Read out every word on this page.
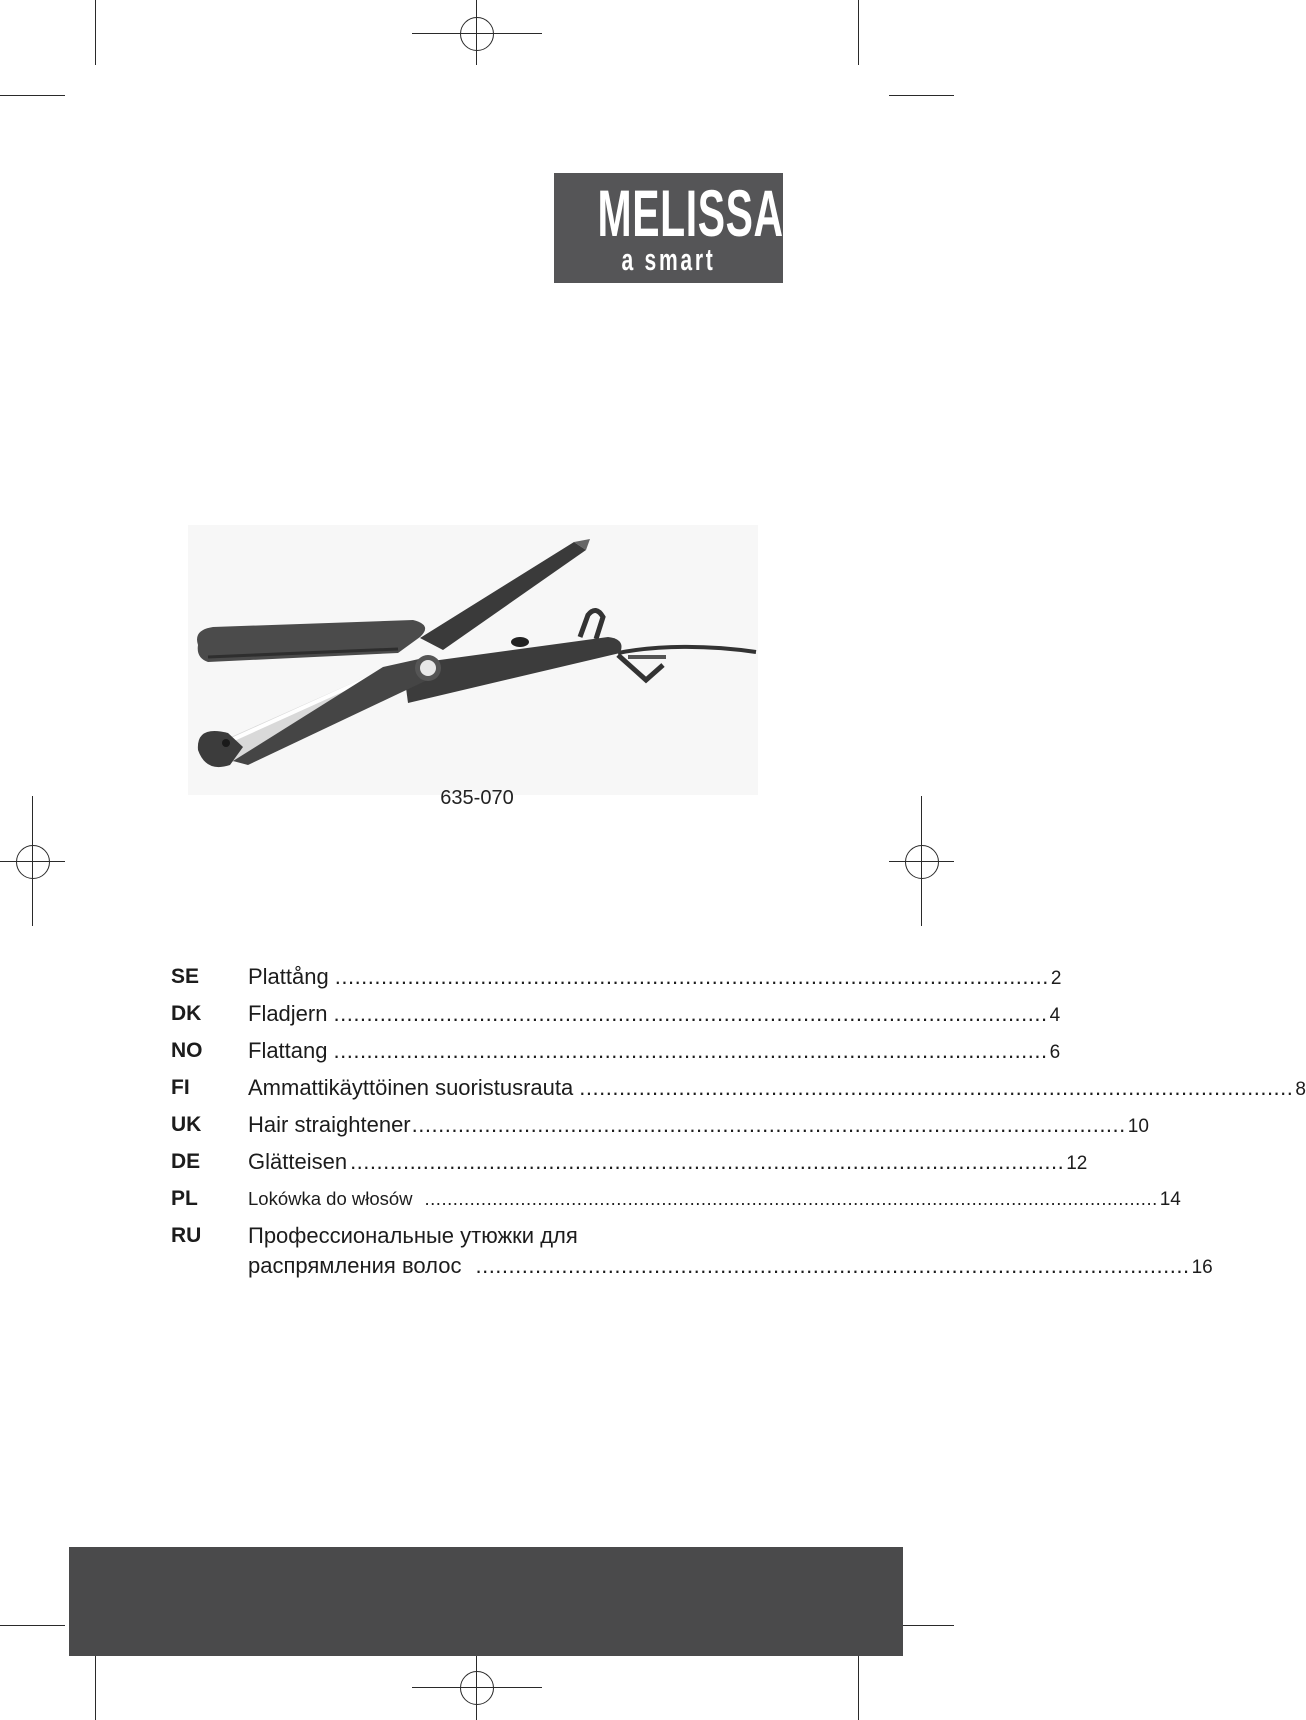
MELISSA
a smart move
635-070
SE Plattång ............................................................................................................ 2
DK Fladjern ............................................................................................................ 4
NO Flattang ............................................................................................................ 6
FI	Ammattikäyttöinen suoristusrauta ............................................................................................................ 8
UK Hair straightener ............................................................................................................ 10
DE Glätteisen ............................................................................................................ 12
PL	Lokówka do włosów .................................................................................................................................. 14
RU Профессиональные утюжки для
распрямления волос ............................................................................................................ 16
